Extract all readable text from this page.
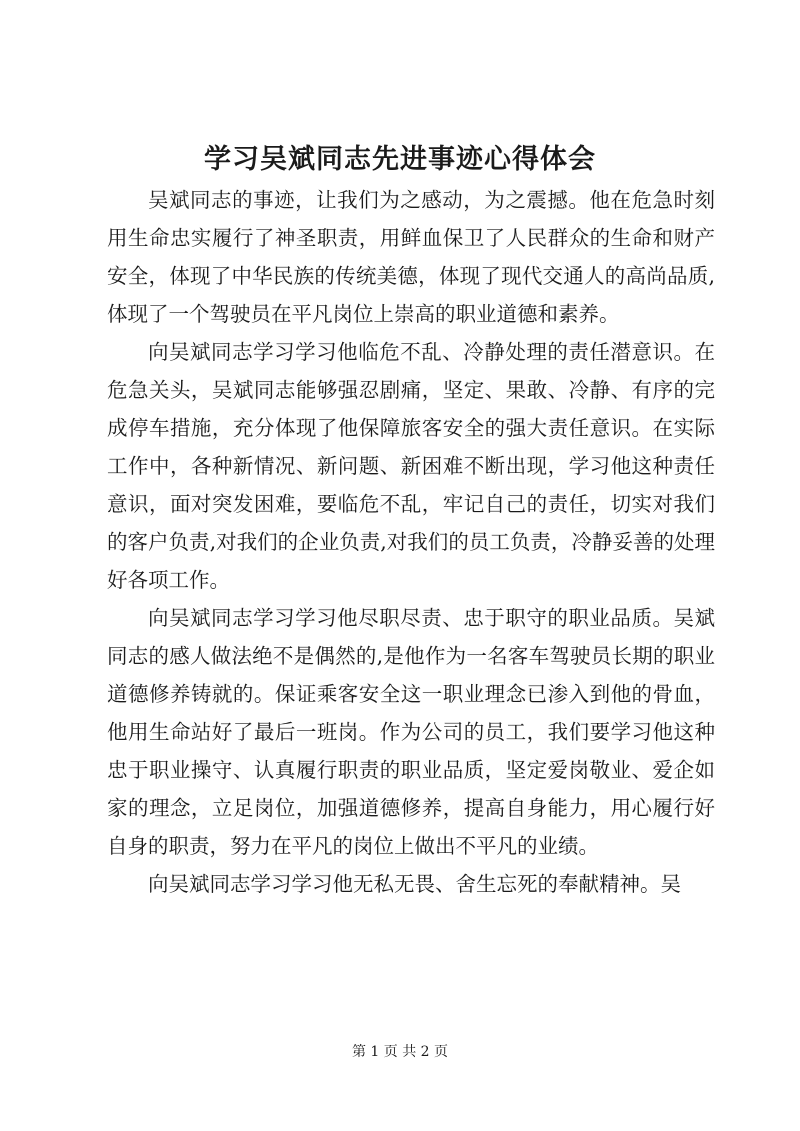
学习吴斌同志先进事迹心得体会

吴斌同志的事迹，让我们为之感动，为之震撼。他在危急时刻用生命忠实履行了神圣职责，用鲜血保卫了人民群众的生命和财产安全，体现了中华民族的传统美德，体现了现代交通人的高尚品质,体现了一个驾驶员在平凡岗位上崇高的职业道德和素养。

向吴斌同志学习学习他临危不乱、冷静处理的责任潜意识。在危急关头，吴斌同志能够强忍剧痛，坚定、果敢、冷静、有序的完成停车措施，充分体现了他保障旅客安全的强大责任意识。在实际工作中，各种新情况、新问题、新困难不断出现，学习他这种责任意识，面对突发困难，要临危不乱，牢记自己的责任，切实对我们的客户负责,对我们的企业负责,对我们的员工负责，冷静妥善的处理好各项工作。

向吴斌同志学习学习他尽职尽责、忠于职守的职业品质。吴斌同志的感人做法绝不是偶然的,是他作为一名客车驾驶员长期的职业道德修养铸就的。保证乘客安全这一职业理念已渗入到他的骨血，他用生命站好了最后一班岗。作为公司的员工，我们要学习他这种忠于职业操守、认真履行职责的职业品质，坚定爱岗敬业、爱企如家的理念，立足岗位，加强道德修养，提高自身能力，用心履行好自身的职责，努力在平凡的岗位上做出不平凡的业绩。

向吴斌同志学习学习他无私无畏、舍生忘死的奉献精神。吴

第 1 页 共 2 页
